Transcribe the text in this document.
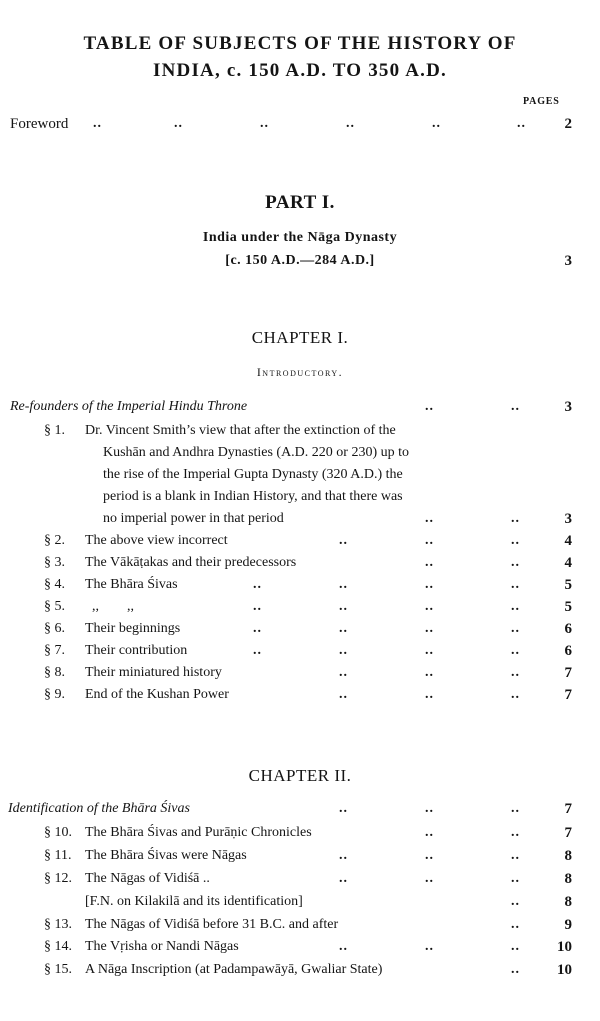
TABLE OF SUBJECTS OF THE HISTORY OF
INDIA, c. 150 A.D. TO 350 A.D.
PAGES
Foreword ..	..	..	..	..	..	2
PART I.
India under the Nāga Dynasty
[c. 150 A.D.—284 A.D.]	3
CHAPTER I.
Introductory.
Re-founders of the Imperial Hindu Throne	..	..	3
§ 1. Dr. Vincent Smith’s view that after the extinction of the
Kushān and Andhra Dynasties (A.D. 220 or 230) up to
the rise of the Imperial Gupta Dynasty (320 A.D.) the
period is a blank in Indian History, and that there was
no imperial power in that period	..	..	3
§ 2. The above view incorrect	..	..	..	4
§ 3. The Vākāṭakas and their predecessors	..	..	4
§ 4. The Bhāra Śivas	..	..	..	..	5
§ 5. ,,        ,,	..	..	..	..	5
§ 6. Their beginnings	..	..	..	..	6
§ 7. Their contribution	..	..	..	..	6
§ 8. Their miniatured history	..	..	..	7
§ 9. End of the Kushan Power	..	..	..	7
CHAPTER II.
Identification of the Bhāra Śivas	..	..	..	7
§ 10. The Bhāra Śivas and Purāṇic Chronicles	..	..	7
§ 11. The Bhāra Śivas were Nāgas	..	..	..	8
§ 12. The Nāgas of Vidiśā ..	..	..	..	8
[F.N. on Kilakilā and its identification]	..	8
§ 13. The Nāgas of Vidiśā before 31 B.C. and after	..	9
§ 14. The Vṛisha or Nandi Nāgas	..	..	..	10
§ 15. A Nāga Inscription (at Padampawāyā, Gwaliar State)	..	10
